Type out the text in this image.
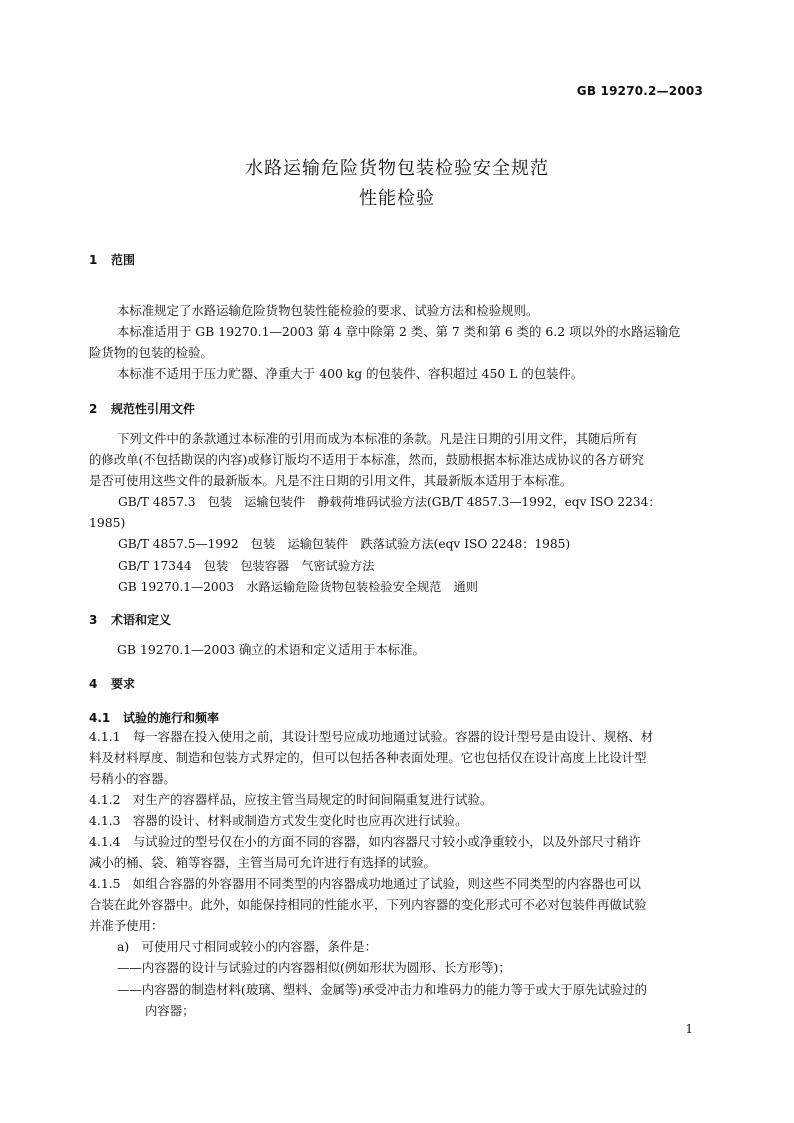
GB 19270.2—2003
水路运输危险货物包装检验安全规范
性能检验
1 范围
本标准规定了水路运输危险货物包装性能检验的要求、试验方法和检验规则。
本标准适用于 GB 19270.1—2003 第 4 章中除第 2 类、第 7 类和第 6 类的 6.2 项以外的水路运输危
险货物的包装的检验。
本标准不适用于压力贮器、净重大于 400 kg 的包装件、容积超过 450 L 的包装件。
2 规范性引用文件
下列文件中的条款通过本标准的引用而成为本标准的条款。凡是注日期的引用文件，其随后所有
的修改单(不包括勘误的内容)或修订版均不适用于本标准，然而，鼓励根据本标准达成协议的各方研究
是否可使用这些文件的最新版本。凡是不注日期的引用文件，其最新版本适用于本标准。
GB/T 4857.3　包装　运输包装件　静载荷堆码试验方法(GB/T 4857.3—1992，eqv ISO 2234：
1985)
GB/T 4857.5—1992　包装　运输包装件　跌落试验方法(eqv ISO 2248：1985)
GB/T 17344　包装　包装容器　气密试验方法
GB 19270.1—2003　水路运输危险货物包装检验安全规范　通则
3 术语和定义
GB 19270.1—2003 确立的术语和定义适用于本标准。
4 要求
4.1 试验的施行和频率
4.1.1　每一容器在投入使用之前，其设计型号应成功地通过试验。容器的设计型号是由设计、规格、材
料及材料厚度、制造和包装方式界定的，但可以包括各种表面处理。它也包括仅在设计高度上比设计型
号稍小的容器。
4.1.2　对生产的容器样品，应按主管当局规定的时间间隔重复进行试验。
4.1.3　容器的设计、材料或制造方式发生变化时也应再次进行试验。
4.1.4　与试验过的型号仅在小的方面不同的容器，如内容器尺寸较小或净重较小，以及外部尺寸稍许
减小的桶、袋、箱等容器，主管当局可允许进行有选择的试验。
4.1.5　如组合容器的外容器用不同类型的内容器成功地通过了试验，则这些不同类型的内容器也可以
合装在此外容器中。此外，如能保持相同的性能水平，下列内容器的变化形式可不必对包装件再做试验
并准予使用：
a)　可使用尺寸相同或较小的内容器，条件是：
——内容器的设计与试验过的内容器相似(例如形状为圆形、长方形等)；
——内容器的制造材料(玻璃、塑料、金属等)承受冲击力和堆码力的能力等于或大于原先试验过的
内容器；
1
